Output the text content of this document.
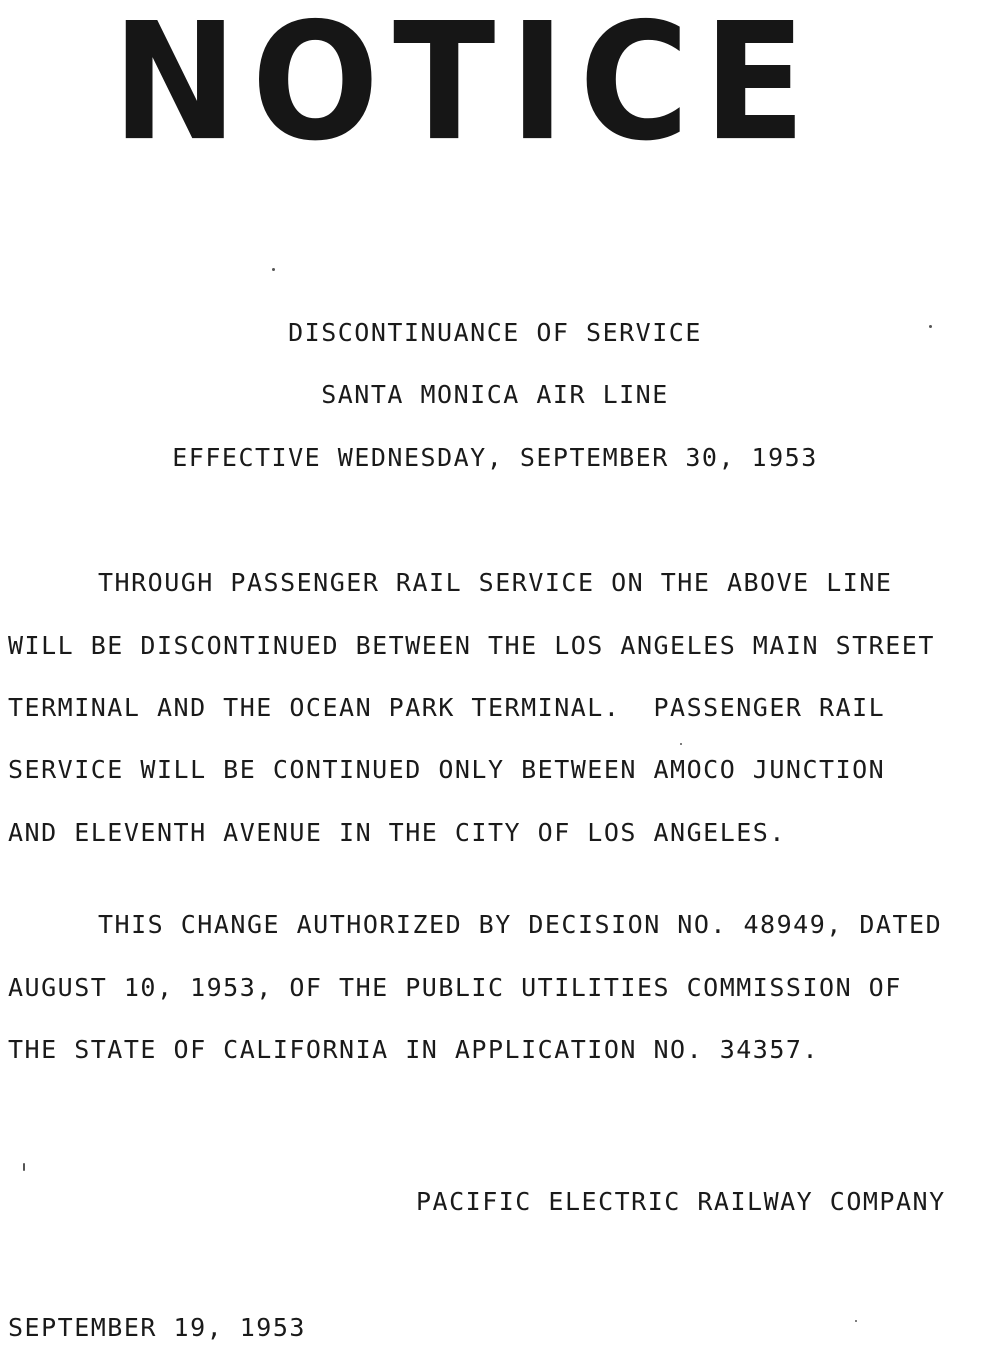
NOTICE
DISCONTINUANCE OF SERVICE
SANTA MONICA AIR LINE
EFFECTIVE WEDNESDAY, SEPTEMBER 30, 1953
THROUGH PASSENGER RAIL SERVICE ON THE ABOVE LINE
WILL BE DISCONTINUED BETWEEN THE LOS ANGELES MAIN STREET
TERMINAL AND THE OCEAN PARK TERMINAL.  PASSENGER RAIL
SERVICE WILL BE CONTINUED ONLY BETWEEN AMOCO JUNCTION
AND ELEVENTH AVENUE IN THE CITY OF LOS ANGELES.
THIS CHANGE AUTHORIZED BY DECISION NO. 48949, DATED
AUGUST 10, 1953, OF THE PUBLIC UTILITIES COMMISSION OF
THE STATE OF CALIFORNIA IN APPLICATION NO. 34357.
PACIFIC ELECTRIC RAILWAY COMPANY
SEPTEMBER 19, 1953
